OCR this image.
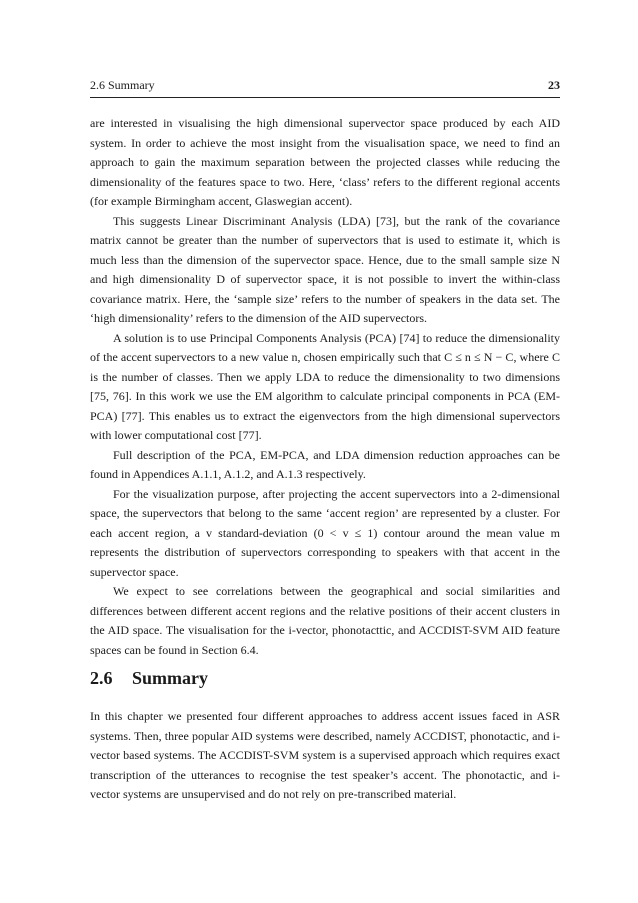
2.6 Summary	23

are interested in visualising the high dimensional supervector space produced by each AID system. In order to achieve the most insight from the visualisation space, we need to find an approach to gain the maximum separation between the projected classes while reducing the dimensionality of the features space to two. Here, ‘class’ refers to the different regional accents (for example Birmingham accent, Glaswegian accent).

This suggests Linear Discriminant Analysis (LDA) [73], but the rank of the covariance matrix cannot be greater than the number of supervectors that is used to estimate it, which is much less than the dimension of the supervector space. Hence, due to the small sample size N and high dimensionality D of supervector space, it is not possible to invert the within-class covariance matrix. Here, the ‘sample size’ refers to the number of speakers in the data set. The ‘high dimensionality’ refers to the dimension of the AID supervectors.

A solution is to use Principal Components Analysis (PCA) [74] to reduce the dimensionality of the accent supervectors to a new value n, chosen empirically such that C ≤ n ≤ N − C, where C is the number of classes. Then we apply LDA to reduce the dimensionality to two dimensions [75, 76]. In this work we use the EM algorithm to calculate principal components in PCA (EM-PCA) [77]. This enables us to extract the eigenvectors from the high dimensional supervectors with lower computational cost [77].

Full description of the PCA, EM-PCA, and LDA dimension reduction approaches can be found in Appendices A.1.1, A.1.2, and A.1.3 respectively.

For the visualization purpose, after projecting the accent supervectors into a 2-dimensional space, the supervectors that belong to the same ‘accent region’ are represented by a cluster. For each accent region, a v standard-deviation (0 < v ≤ 1) contour around the mean value m represents the distribution of supervectors corresponding to speakers with that accent in the supervector space.

We expect to see correlations between the geographical and social similarities and differences between different accent regions and the relative positions of their accent clusters in the AID space. The visualisation for the i-vector, phonotacttic, and ACCDIST-SVM AID feature spaces can be found in Section 6.4.

2.6 Summary

In this chapter we presented four different approaches to address accent issues faced in ASR systems. Then, three popular AID systems were described, namely ACCDIST, phonotactic, and i-vector based systems. The ACCDIST-SVM system is a supervised approach which requires exact transcription of the utterances to recognise the test speaker’s accent. The phonotactic, and i-vector systems are unsupervised and do not rely on pre-transcribed material.
